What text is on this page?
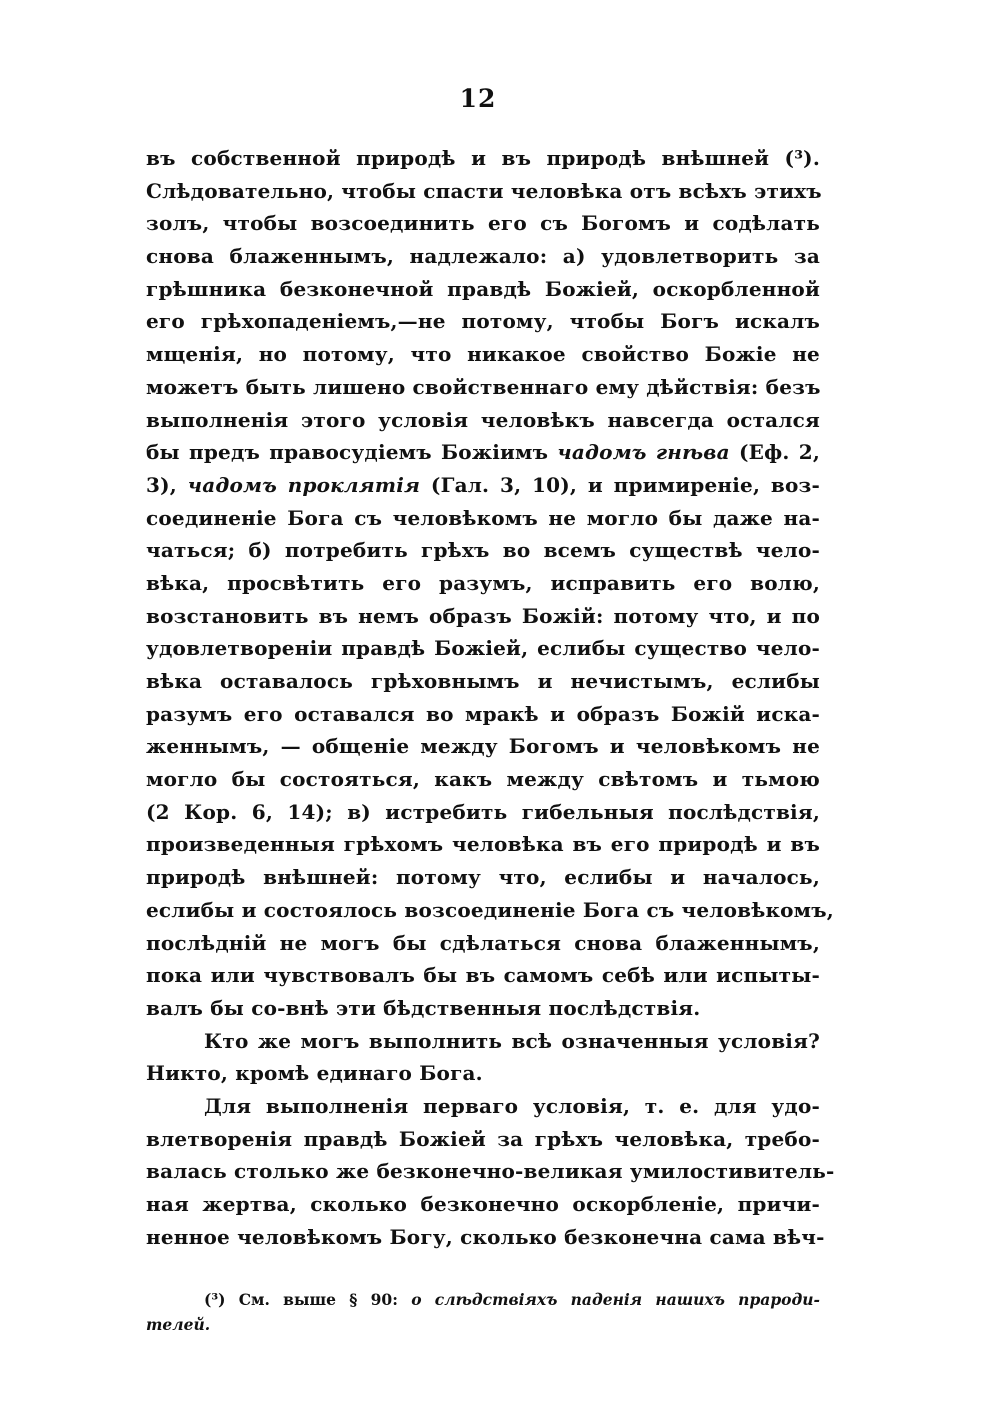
12
въ собственной природѣ и въ природѣ внѣшней (³).
Слѣдовательно, чтобы спасти человѣка отъ всѣхъ этихъ
золъ, чтобы возсоединить его съ Богомъ и содѣлать
снова блаженнымъ, надлежало: а) удовлетворить за
грѣшника безконечной правдѣ Божіей, оскорбленной
его грѣхопаденіемъ,—не потому, чтобы Богъ искалъ
мщенія, но потому, что никакое свойство Божіе не
можетъ быть лишено свойственнаго ему дѣйствія: безъ
выполненія этого условія человѣкъ навсегда остался
бы предъ правосудіемъ Божіимъ чадомъ гнѣва (Еф. 2,
3), чадомъ проклятія (Гал. 3, 10), и примиреніе, воз-
соединеніе Бога съ человѣкомъ не могло бы даже на-
чаться; б) потребить грѣхъ во всемъ существѣ чело-
вѣка, просвѣтить его разумъ, исправить его волю,
возстановить въ немъ образъ Божій: потому что, и по
удовлетвореніи правдѣ Божіей, еслибы существо чело-
вѣка оставалось грѣховнымъ и нечистымъ, еслибы
разумъ его оставался во мракѣ и образъ Божій иска-
женнымъ, — общеніе между Богомъ и человѣкомъ не
могло бы состояться, какъ между свѣтомъ и тьмою
(2 Кор. 6, 14); в) истребить гибельныя послѣдствія,
произведенныя грѣхомъ человѣка въ его природѣ и въ
природѣ внѣшней: потому что, еслибы и началось,
еслибы и состоялось возсоединеніе Бога съ человѣкомъ,
послѣдній не могъ бы сдѣлаться снова блаженнымъ,
пока или чувствовалъ бы въ самомъ себѣ или испыты-
валъ бы со-внѣ эти бѣдственныя послѣдствія.
Кто же могъ выполнить всѣ означенныя условія?
Никто, кромѣ единаго Бога.
Для выполненія перваго условія, т. е. для удо-
влетворенія правдѣ Божіей за грѣхъ человѣка, требо-
валась столько же безконечно-великая умилостивитель-
ная жертва, сколько безконечно оскорбленіе, причи-
ненное человѣкомъ Богу, сколько безконечна сама вѣч-
(³) См. выше § 90: о слѣдствіяхъ паденія нашихъ прароди-
телей.
